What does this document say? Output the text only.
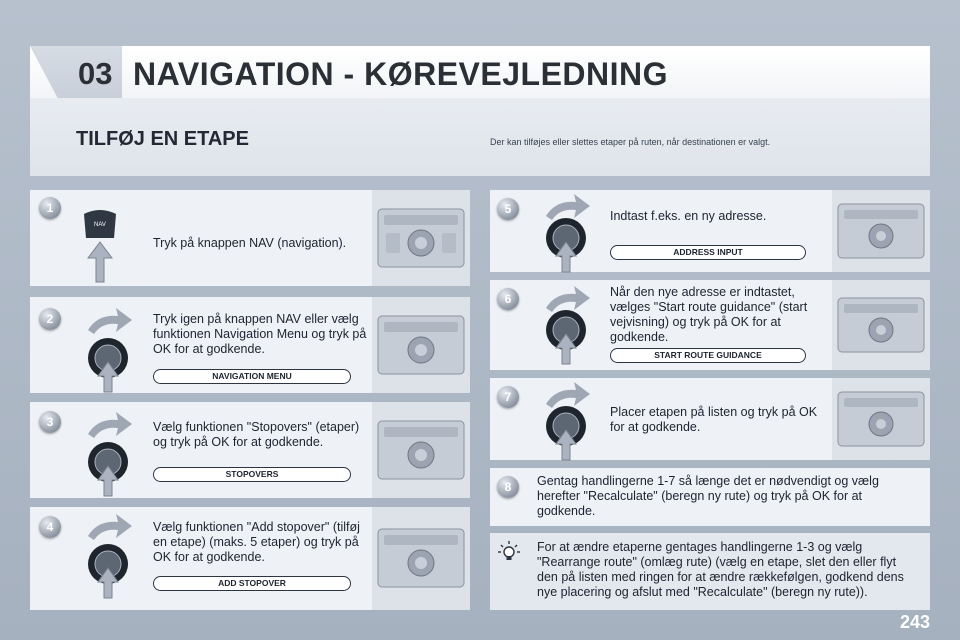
03 NAVIGATION - KØREVEJLEDNING
TILFØJ EN ETAPE	Der kan tilføjes eller slettes etaper på ruten, når destinationen er valgt.
1
NAV
Tryk på knappen NAV (navigation).
2	Tryk igen på knappen NAV eller vælg funktionen Navigation Menu og tryk på OK for at godkende.
NAVIGATION MENU
3	Vælg funktionen "Stopovers" (etaper) og tryk på OK for at godkende.
STOPOVERS
4	Vælg funktionen "Add stopover" (tilføj en etape) (maks. 5 etaper) og tryk på OK for at godkende.
ADD STOPOVER
5	Indtast f.eks. en ny adresse.
ADDRESS INPUT
6	Når den nye adresse er indtastet, vælges "Start route guidance" (start vejvisning) og tryk på OK for at godkende.
START ROUTE GUIDANCE
7
Placer etapen på listen og tryk på OK for at godkende.
8	Gentag handlingerne 1-7 så længe det er nødvendigt og vælg herefter "Recalculate" (beregn ny rute) og tryk på OK for at godkende.
For at ændre etaperne gentages handlingerne 1-3 og vælg "Rearrange route" (omlæg rute) (vælg en etape, slet den eller flyt den på listen med ringen for at ændre rækkefølgen, godkend dens nye placering og afslut med "Recalculate" (beregn ny rute)).
243
